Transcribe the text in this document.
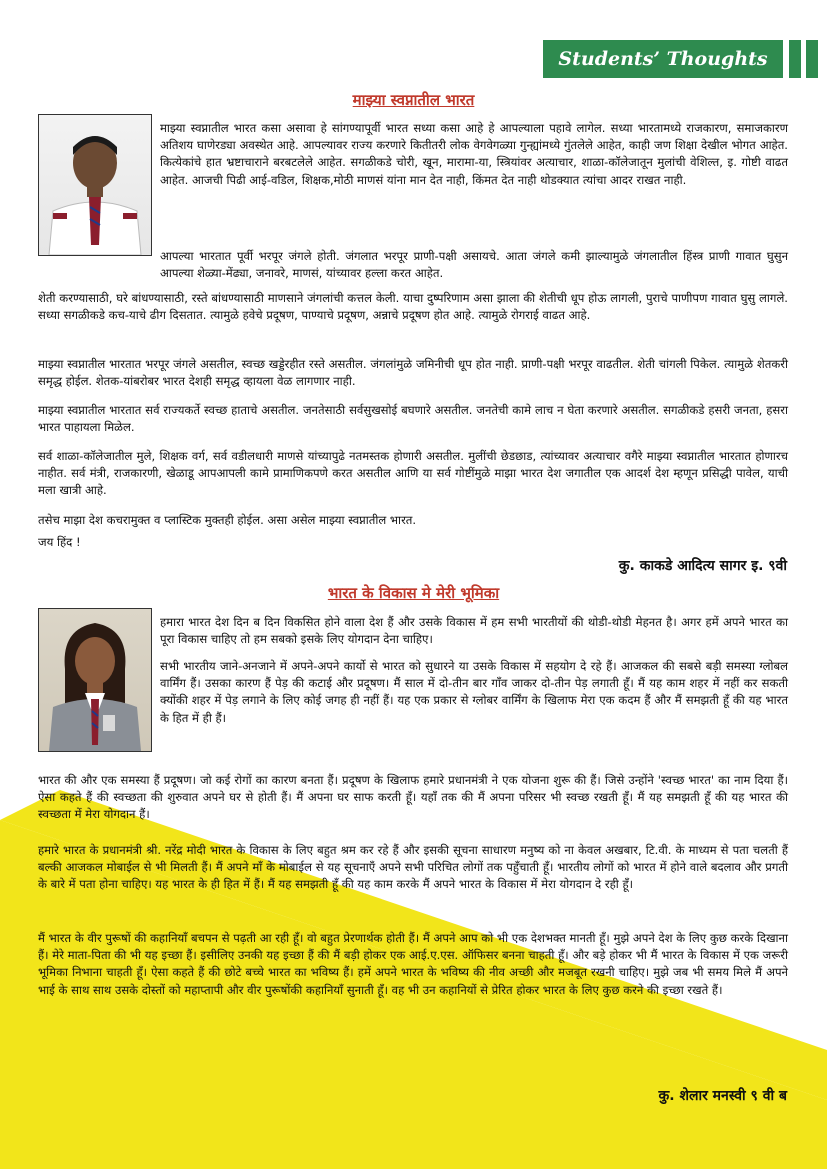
Students’ Thoughts
माझ्या स्वप्नातील भारत

माझ्या स्वप्नातील भारत कसा असावा हे सांगण्यापूर्वी भारत सध्या कसा आहे हे आपल्याला पहावे लागेल. सध्या भारतामध्ये राजकारण, समाजकारण अतिशय घाणेरड्या अवस्थेत आहे. आपल्यावर राज्य करणारे कितीतरी लोक वेगवेगळ्या गुन्ह्यांमध्ये गुंतलेले आहेत, काही जण शिक्षा देखील भोगत आहेत. कित्येकांचे हात भ्रष्टाचाराने बरबटलेले आहेत. सगळीकडे चोरी, खून, मारामा-या, स्त्रियांवर अत्याचार, शाळा-कॉलेजातून मुलांची वेशिल्त, इ. गोष्टी वाढत आहेत. आजची पिढी आई-वडिल, शिक्षक,मोठी माणसं यांना मान देत नाही, किंमत देत नाही थोडक्यात त्यांचा आदर राखत नाही.

आपल्या भारतात पूर्वी भरपूर जंगले होती. जंगलात भरपूर प्राणी-पक्षी असायचे. आता जंगले कमी झाल्यामुळे जंगलातील हिंस्त्र प्राणी गावात घुसुन आपल्या शेळ्या-मेंढ्या, जनावरे, माणसं, यांच्यावर हल्ला करत आहेत.

शेती करण्यासाठी, घरे बांधण्यासाठी, रस्ते बांधण्यासाठी माणसाने जंगलांची कत्तल केली. याचा दुष्परिणाम असा झाला की शेतीची धूप होऊ लागली, पुराचे पाणीपण गावात घुसु लागले. सध्या सगळीकडे कच-याचे ढीग दिसतात. त्यामुळे हवेचे प्रदूषण, पाण्याचे प्रदूषण, अन्नाचे प्रदूषण होत आहे. त्यामुळे रोगराई वाढत आहे.

माझ्या स्वप्नातील भारतात भरपूर जंगले असतील, स्वच्छ खड्डेरहीत रस्ते असतील. जंगलांमुळे जमिनीची धूप होत नाही. प्राणी-पक्षी भरपूर वाढतील. शेती चांगली पिकेल. त्यामुळे शेतकरी समृद्ध होईल. शेतक-यांबरोबर भारत देशही समृद्ध व्हायला वेळ लागणार नाही.

माझ्या स्वप्नातील भारतात सर्व राज्यकर्ते स्वच्छ हाताचे असतील. जनतेसाठी सर्वसुखसोई बघणारे असतील. जनतेची कामे लाच न घेता करणारे असतील. सगळीकडे हसरी जनता, हसरा भारत पाहायला मिळेल.

सर्व शाळा-कॉलेजातील मुले, शिक्षक वर्ग, सर्व वडीलधारी माणसे यांच्यापुढे नतमस्तक होणारी असतील. मुलींची छेडछाड, त्यांच्यावर अत्याचार वगैरे माझ्या स्वप्नातील भारतात होणारच नाहीत. सर्व मंत्री, राजकारणी, खेळाडू आपआपली कामे प्रामाणिकपणे करत असतील आणि या सर्व गोष्टींमुळे माझा भारत देश जगातील एक आदर्श देश म्हणून प्रसिद्धी पावेल, याची मला खात्री आहे.

तसेच माझा देश कचरामुक्त व प्लास्टिक मुक्तही होईल. असा असेल माझ्या स्वप्नातील भारत.

जय हिंद !

कु. काकडे आदित्य सागर इ. ९वी
भारत के विकास मे मेरी भूमिका

हमारा भारत देश दिन ब दिन विकसित होने वाला देश हैं और उसके विकास में हम सभी भारतीयों की थोडी-थोडी मेहनत है। अगर हमें अपने भारत का पूरा विकास चाहिए तो हम सबको इसके लिए योगदान देना चाहिए।

सभी भारतीय जाने-अनजाने में अपने-अपने कार्यो से भारत को सुधारने या उसके विकास में सहयोग दे रहे हैं। आजकल की सबसे बड़ी समस्या ग्लोबल वार्मिंग हैं। उसका कारण हैं पेड़ की कटाई और प्रदूषण। मैं साल में दो-तीन बार गाँव जाकर दो-तीन पेड़ लगाती हूँ। मैं यह काम शहर में नहीं कर सकती क्योंकी शहर में पेड़ लगाने के लिए कोई जगह ही नहीं हैं। यह एक प्रकार से ग्लोबर वार्मिंग के खिलाफ मेरा एक कदम हैं और मैं समझती हूँ की यह भारत के हित में ही हैं।

भारत की और एक समस्या हैं प्रदूषण। जो कई रोगों का कारण बनता हैं। प्रदूषण के खिलाफ हमारे प्रधानमंत्री ने एक योजना शुरू की हैं। जिसे उन्होंने 'स्वच्छ भारत' का नाम दिया हैं। ऐसा कहते हैं की स्वच्छता की शुरुवात अपने घर से होती हैं। मैं अपना घर साफ करती हूँ। यहाँ तक की मैं अपना परिसर भी स्वच्छ रखती हूँ। मैं यह समझती हूँ की यह भारत की स्वच्छता में मेरा योगदान हैं।

हमारे भारत के प्रधानमंत्री श्री. नरेंद्र मोदी भारत के विकास के लिए बहुत श्रम कर रहे हैं और इसकी सूचना साधारण मनुष्य को ना केवल अखबार, टि.वी. के माध्यम से पता चलती हैं बल्की आजकल मोबाईल से भी मिलती हैं। मैं अपने माँ के मोबाईल से यह सूचनाएँ अपने सभी परिचित लोगों तक पहुँचाती हूँ। भारतीय लोगों को भारत में होने वाले बदलाव और प्रगती के बारे में पता होना चाहिए। यह भारत के ही हित में हैं। मैं यह समझती हूँ की यह काम करके मैं अपने भारत के विकास में मेरा योगदान दे रही हूँ।

मैं भारत के वीर पुरूषों की कहानियाँ बचपन से पढ़ती आ रही हूँ। वो बहुत प्रेरणार्थक होती हैं। मैं अपने आप को भी एक देशभक्त मानती हूँ। मुझे अपने देश के लिए कुछ करके दिखाना हैं। मेरे माता-पिता की भी यह इच्छा हैं। इसीलिए उनकी यह इच्छा हैं की मैं बड़ी होकर एक आई.ए.एस. ऑफिसर बनना चाहती हूँ। और बड़े होकर भी मैं भारत के विकास में एक जरूरी भूमिका निभाना चाहती हूँ। ऐसा कहते हैं की छोटे बच्चे भारत का भविष्य हैं। हमें अपने भारत के भविष्य की नीव अच्छी और मजबूत रखनी चाहिए। मुझे जब भी समय मिले मैं अपने भाई के साथ साथ उसके दोस्तों को महाप्तापी और वीर पुरूषोंकी कहानियाँ सुनाती हूँ। वह भी उन कहानियों से प्रेरित होकर भारत के लिए कुछ करने की इच्छा रखते हैं।

कु. शेलार मनस्वी ९ वी ब
